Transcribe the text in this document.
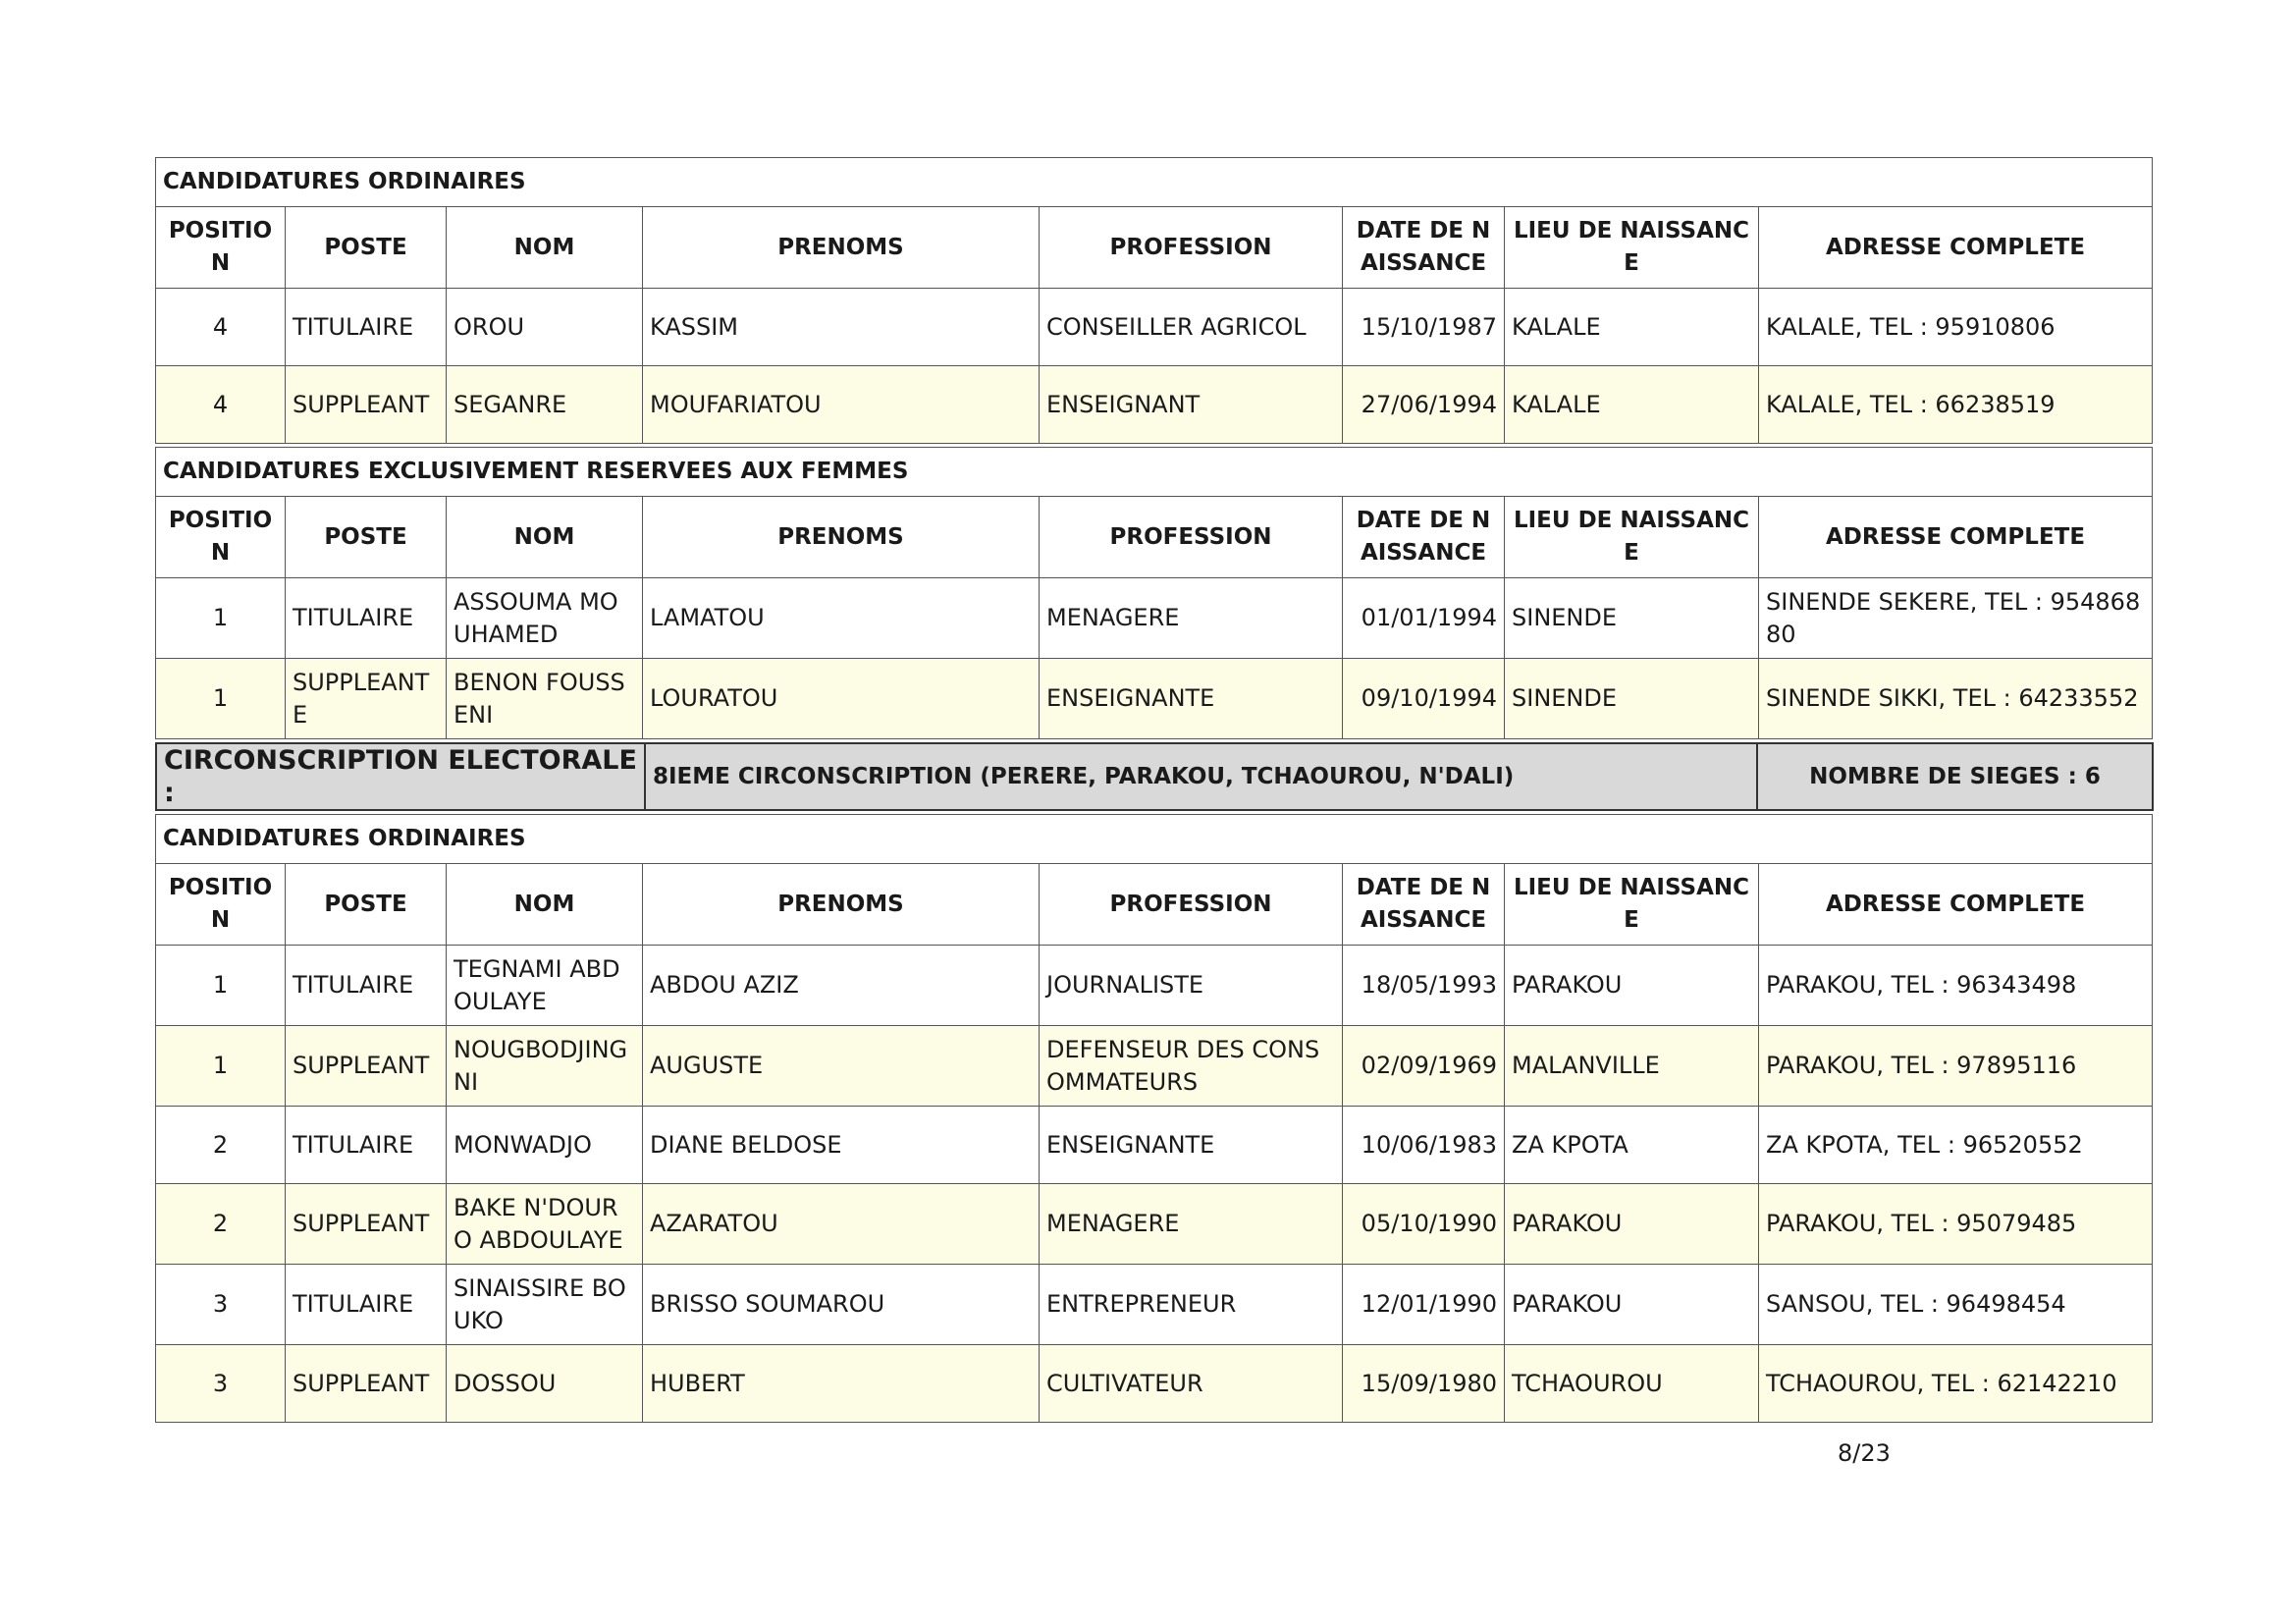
CANDIDATURES ORDINAIRES							
POSITION	POSTE	NOM	PRENOMS	PROFESSION	DATE DE NAISSANCE	LIEU DE NAISSANCE	ADRESSE COMPLETE
4	TITULAIRE	OROU	KASSIM	CONSEILLER AGRICOL	15/10/1987	KALALE	KALALE, TEL : 95910806
4	SUPPLEANT	SEGANRE	MOUFARIATOU	ENSEIGNANT	27/06/1994	KALALE	KALALE, TEL : 66238519
CANDIDATURES EXCLUSIVEMENT RESERVEES AUX FEMMES							
POSITION	POSTE	NOM	PRENOMS	PROFESSION	DATE DE NAISSANCE	LIEU DE NAISSANCE	ADRESSE COMPLETE
1	TITULAIRE	ASSOUMA MOUHAMED	LAMATOU	MENAGERE	01/01/1994	SINENDE	SINENDE SEKERE, TEL : 95486880
1	SUPPLEANTE	BENON FOUSSENI	LOURATOU	ENSEIGNANTE	09/10/1994	SINENDE	SINENDE SIKKI, TEL : 64233552
CIRCONSCRIPTION ELECTORALE :	8IEME CIRCONSCRIPTION (PERERE, PARAKOU, TCHAOUROU, N'DALI)	NOMBRE DE SIEGES : 6
CANDIDATURES ORDINAIRES							
POSITION	POSTE	NOM	PRENOMS	PROFESSION	DATE DE NAISSANCE	LIEU DE NAISSANCE	ADRESSE COMPLETE
1	TITULAIRE	TEGNAMI ABDOULAYE	ABDOU AZIZ	JOURNALISTE	18/05/1993	PARAKOU	PARAKOU, TEL : 96343498
1	SUPPLEANT	NOUGBODJINGNI	AUGUSTE	DEFENSEUR DES CONSOMMATEURS	02/09/1969	MALANVILLE	PARAKOU, TEL : 97895116
2	TITULAIRE	MONWADJO	DIANE BELDOSE	ENSEIGNANTE	10/06/1983	ZA KPOTA	ZA KPOTA, TEL : 96520552
2	SUPPLEANT	BAKE N'DOURO ABDOULAYE	AZARATOU	MENAGERE	05/10/1990	PARAKOU	PARAKOU, TEL : 95079485
3	TITULAIRE	SINAISSIRE BOUKO	BRISSO SOUMAROU	ENTREPRENEUR	12/01/1990	PARAKOU	SANSOU, TEL : 96498454
3	SUPPLEANT	DOSSOU	HUBERT	CULTIVATEUR	15/09/1980	TCHAOUROU	TCHAOUROU, TEL : 62142210
8/23
